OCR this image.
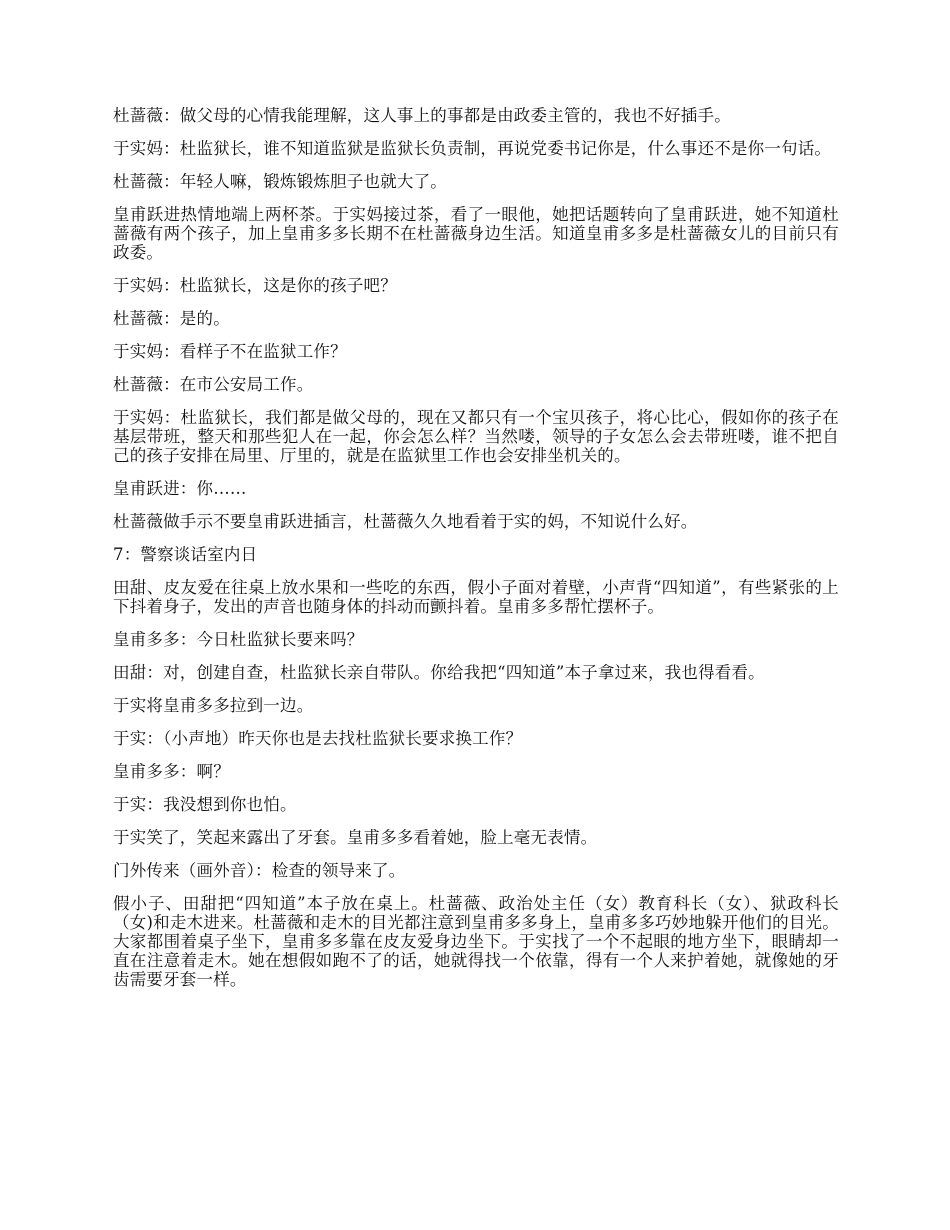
杜蔷薇：做父母的心情我能理解，这人事上的事都是由政委主管的，我也不好插手。

于实妈：杜监狱长，谁不知道监狱是监狱长负责制，再说党委书记你是，什么事还不是你一句话。

杜蔷薇：年轻人嘛，锻炼锻炼胆子也就大了。

皇甫跃进热情地端上两杯茶。于实妈接过茶，看了一眼他，她把话题转向了皇甫跃进，她不知道杜蔷薇有两个孩子，加上皇甫多多长期不在杜蔷薇身边生活。知道皇甫多多是杜蔷薇女儿的目前只有政委。

于实妈：杜监狱长，这是你的孩子吧？

杜蔷薇：是的。

于实妈：看样子不在监狱工作？

杜蔷薇：在市公安局工作。

于实妈：杜监狱长，我们都是做父母的，现在又都只有一个宝贝孩子，将心比心，假如你的孩子在基层带班，整天和那些犯人在一起，你会怎么样？当然喽，领导的子女怎么会去带班喽，谁不把自己的孩子安排在局里、厅里的，就是在监狱里工作也会安排坐机关的。

皇甫跃进：你……

杜蔷薇做手示不要皇甫跃进插言，杜蔷薇久久地看着于实的妈，不知说什么好。

7：警察谈话室内日

田甜、皮友爱在往桌上放水果和一些吃的东西，假小子面对着壁，小声背“四知道”，有些紧张的上下抖着身子，发出的声音也随身体的抖动而颤抖着。皇甫多多帮忙摆杯子。

皇甫多多：今日杜监狱长要来吗？

田甜：对，创建自查，杜监狱长亲自带队。你给我把“四知道”本子拿过来，我也得看看。

于实将皇甫多多拉到一边。

于实：（小声地）昨天你也是去找杜监狱长要求换工作？

皇甫多多：啊？

于实：我没想到你也怕。

于实笑了，笑起来露出了牙套。皇甫多多看着她，脸上毫无表情。

门外传来（画外音）：检查的领导来了。

假小子、田甜把“四知道”本子放在桌上。杜蔷薇、政治处主任（女）教育科长（女）、狱政科长（女)和走木进来。杜蔷薇和走木的目光都注意到皇甫多多身上，皇甫多多巧妙地躲开他们的目光。大家都围着桌子坐下，皇甫多多靠在皮友爱身边坐下。于实找了一个不起眼的地方坐下，眼睛却一直在注意着走木。她在想假如跑不了的话，她就得找一个依靠，得有一个人来护着她，就像她的牙齿需要牙套一样。
